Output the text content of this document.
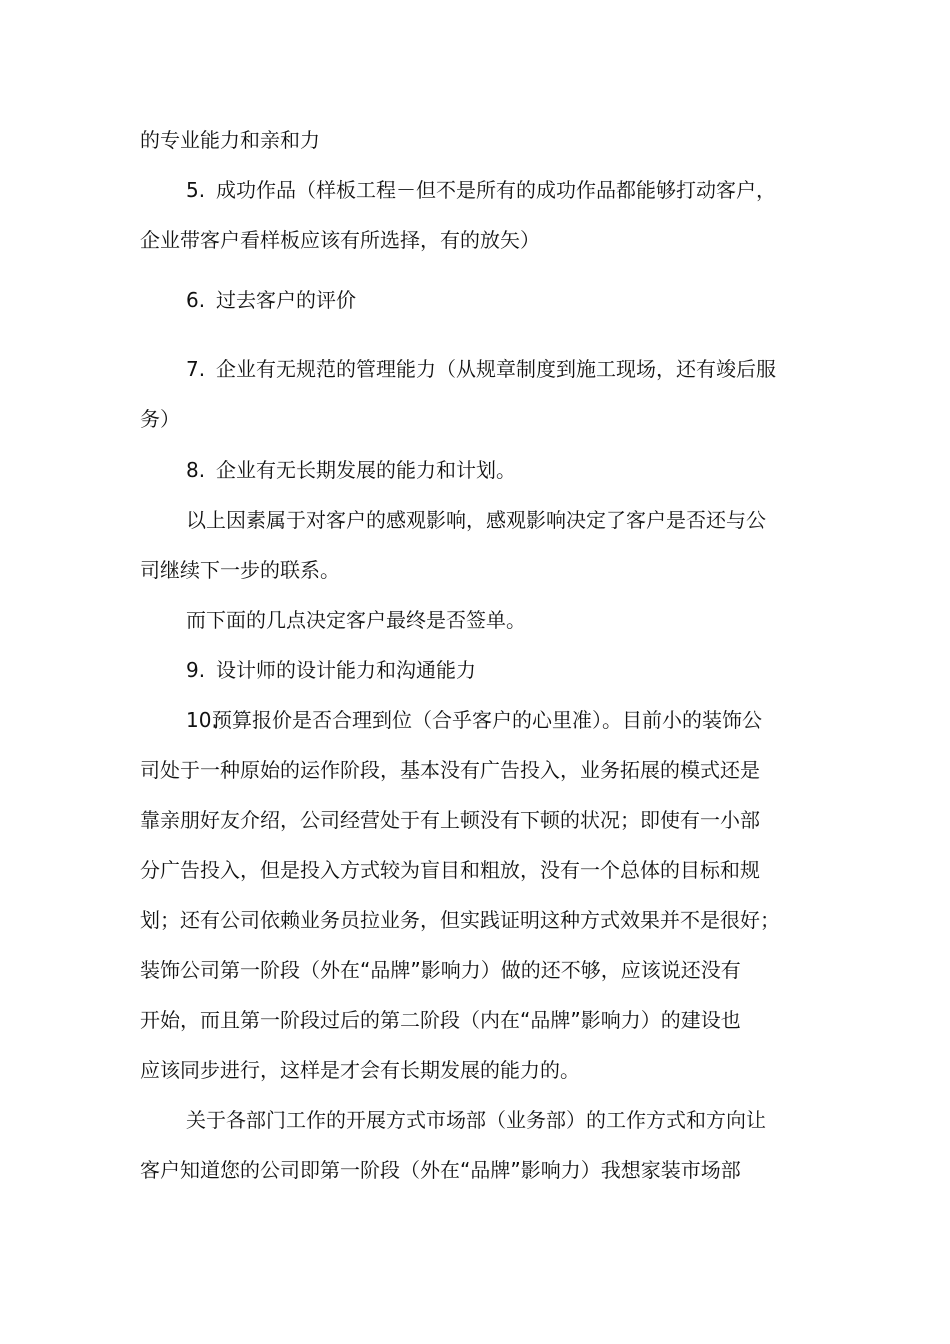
的专业能力和亲和力
5. 成功作品（样板工程－但不是所有的成功作品都能够打动客户，
企业带客户看样板应该有所选择，有的放矢）
6. 过去客户的评价
7. 企业有无规范的管理能力（从规章制度到施工现场，还有竣后服
务）
8. 企业有无长期发展的能力和计划。
以上因素属于对客户的感观影响，感观影响决定了客户是否还与公
司继续下一步的联系。
而下面的几点决定客户最终是否签单。
9. 设计师的设计能力和沟通能力
10.预算报价是否合理到位（合乎客户的心里准）。目前小的装饰公
司处于一种原始的运作阶段，基本没有广告投入，业务拓展的模式还是
靠亲朋好友介绍，公司经营处于有上顿没有下顿的状况；即使有一小部
分广告投入，但是投入方式较为盲目和粗放，没有一个总体的目标和规
划；还有公司依赖业务员拉业务，但实践证明这种方式效果并不是很好；
装饰公司第一阶段（外在“品牌”影响力）做的还不够，应该说还没有
开始，而且第一阶段过后的第二阶段（内在“品牌”影响力）的建设也
应该同步进行，这样是才会有长期发展的能力的。
关于各部门工作的开展方式市场部（业务部）的工作方式和方向让
客户知道您的公司即第一阶段（外在“品牌”影响力）我想家装市场部
